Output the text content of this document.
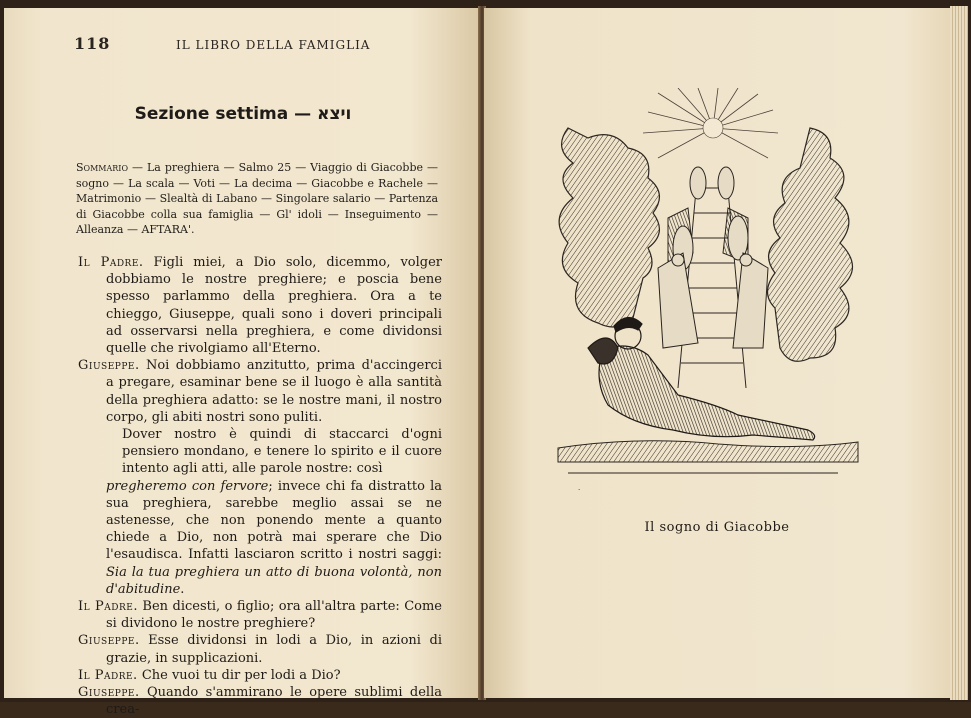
118	IL LIBRO DELLA FAMIGLIA
Sezione settima — ויצא
Sommario — La preghiera — Salmo 25 — Viaggio di Giacobbe — sogno — La scala — Voti — La decima — Giacobbe e Rachele — Matrimonio — Slealtà di Labano — Singolare salario — Partenza di Giacobbe colla sua famiglia — Gl' idoli — Inseguimento — Alleanza — AFTARA'.

Il Padre. Figli miei, a Dio solo, dicemmo, volger dobbiamo le nostre preghiere; e poscia bene spesso parlammo della preghiera. Ora a te chieggo, Giuseppe, quali sono i doveri principali ad osservarsi nella preghiera, e come dividonsi quelle che rivolgiamo all'Eterno.

Giuseppe. Noi dobbiamo anzitutto, prima d'accingerci a pregare, esaminar bene se il luogo è alla santità della preghiera adatto: se le nostre mani, il nostro corpo, gli abiti nostri sono puliti.

Dover nostro è quindi di staccarci d'ogni pensiero mondano, e tenere lo spirito e il cuore intento agli atti, alle parole nostre: cosìpregheremo con fervore; invece chi fa distratto la sua preghiera, sarebbe meglio assai se ne astenesse, che non ponendo mente a quanto chiede a Dio, non potrà mai sperare che Dio l'esaudisca. Infatti lasciaron scritto i nostri saggi: Sia la tua preghiera un atto di buona volontà, non d'abitudine.

Il Padre. Ben dicesti, o figlio; ora all'altra parte: Come si dividono le nostre preghiere?

Giuseppe. Esse dividonsi in lodi a Dio, in azioni di grazie, in supplicazioni.

Il Padre. Che vuoi tu dir per lodi a Dio?

Giuseppe. Quando s'ammirano le opere sublimi della crea-

.
Il sogno di Giacobbe
